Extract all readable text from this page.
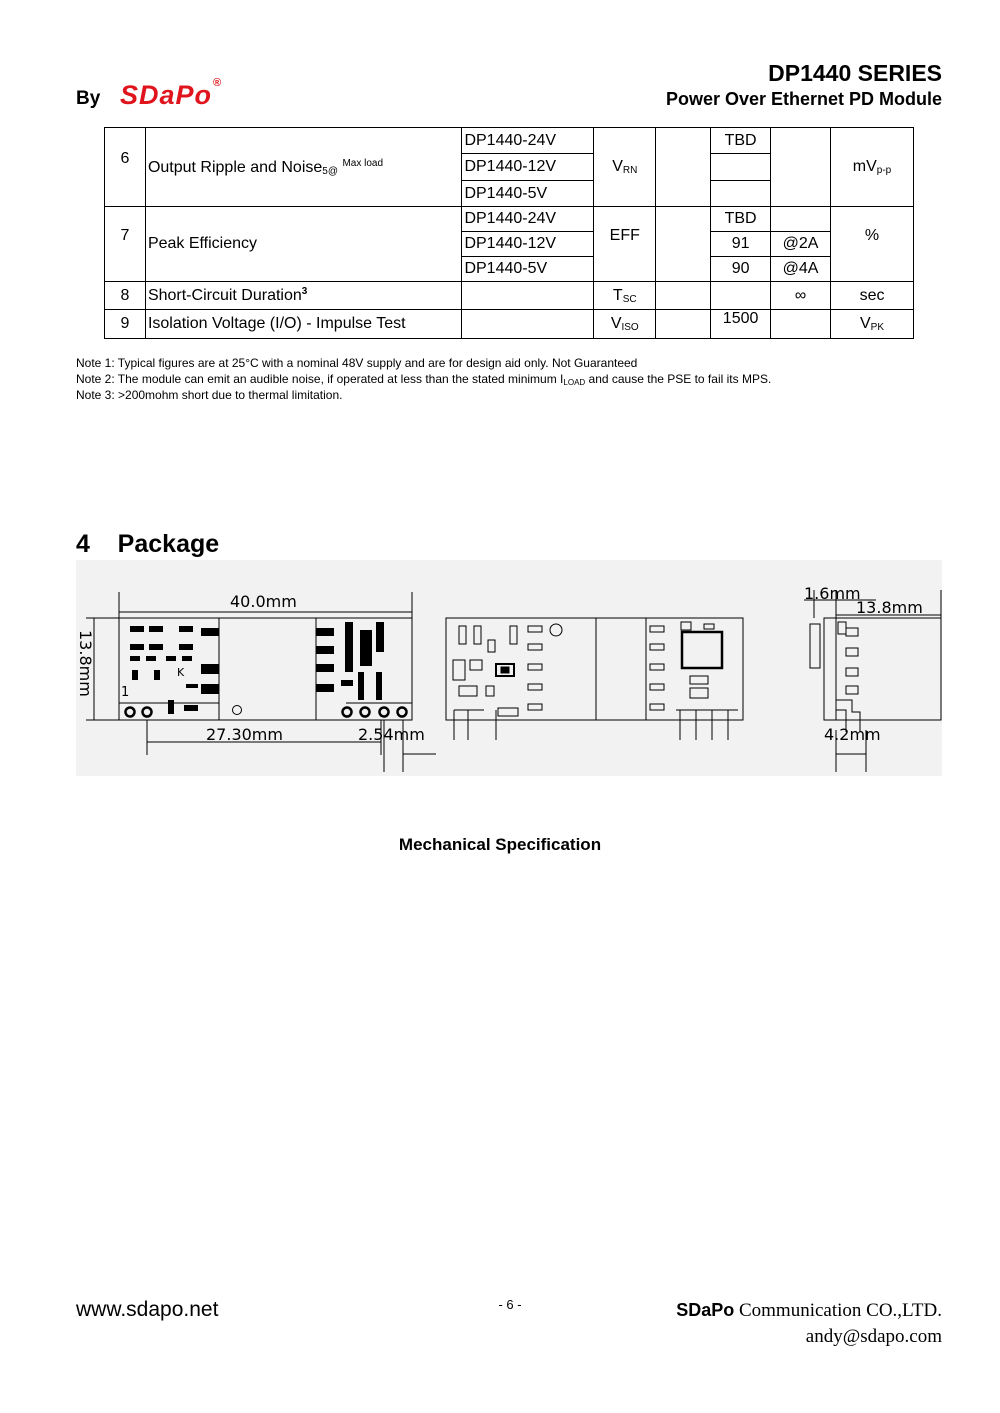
By SDaPo®	DP1440 SERIES
Power Over Ethernet PD Module
6	Output Ripple and Noise$_{5@}$ $^{Max load}$	DP1440-24V	$V_{RN}$		TBD		$mV_{p-p}$
		DP1440-12V					
		DP1440-5V					
7	Peak Efficiency	DP1440-24V	EFF		TBD		%
		DP1440-12V			91	@2A	
		DP1440-5V			90	@4A	
8	Short-Circuit Duration$^3$		$T_{SC}$			∞	sec
9	Isolation Voltage (I/O) - Impulse Test		$V_{ISO}$		1500		$V_{PK}$
Note 1: Typical figures are at 25°C with a nominal 48V supply and are for design aid only. Not Guaranteed
Note 2: The module can emit an audible noise, if operated at less than the stated minimum $I_{LOAD}$ and cause the PSE to fail its MPS.
Note 3: >200mohm short due to thermal limitation.
4    Package
40.0mm
13.8mm
27.30mm	2.54mm
1
K
1.6mm
13.8mm
4.2mm
Mechanical Specification
www.sdapo.net	- 6 -	SDaPo Communication CO.,LTD.
andy@sdapo.com
